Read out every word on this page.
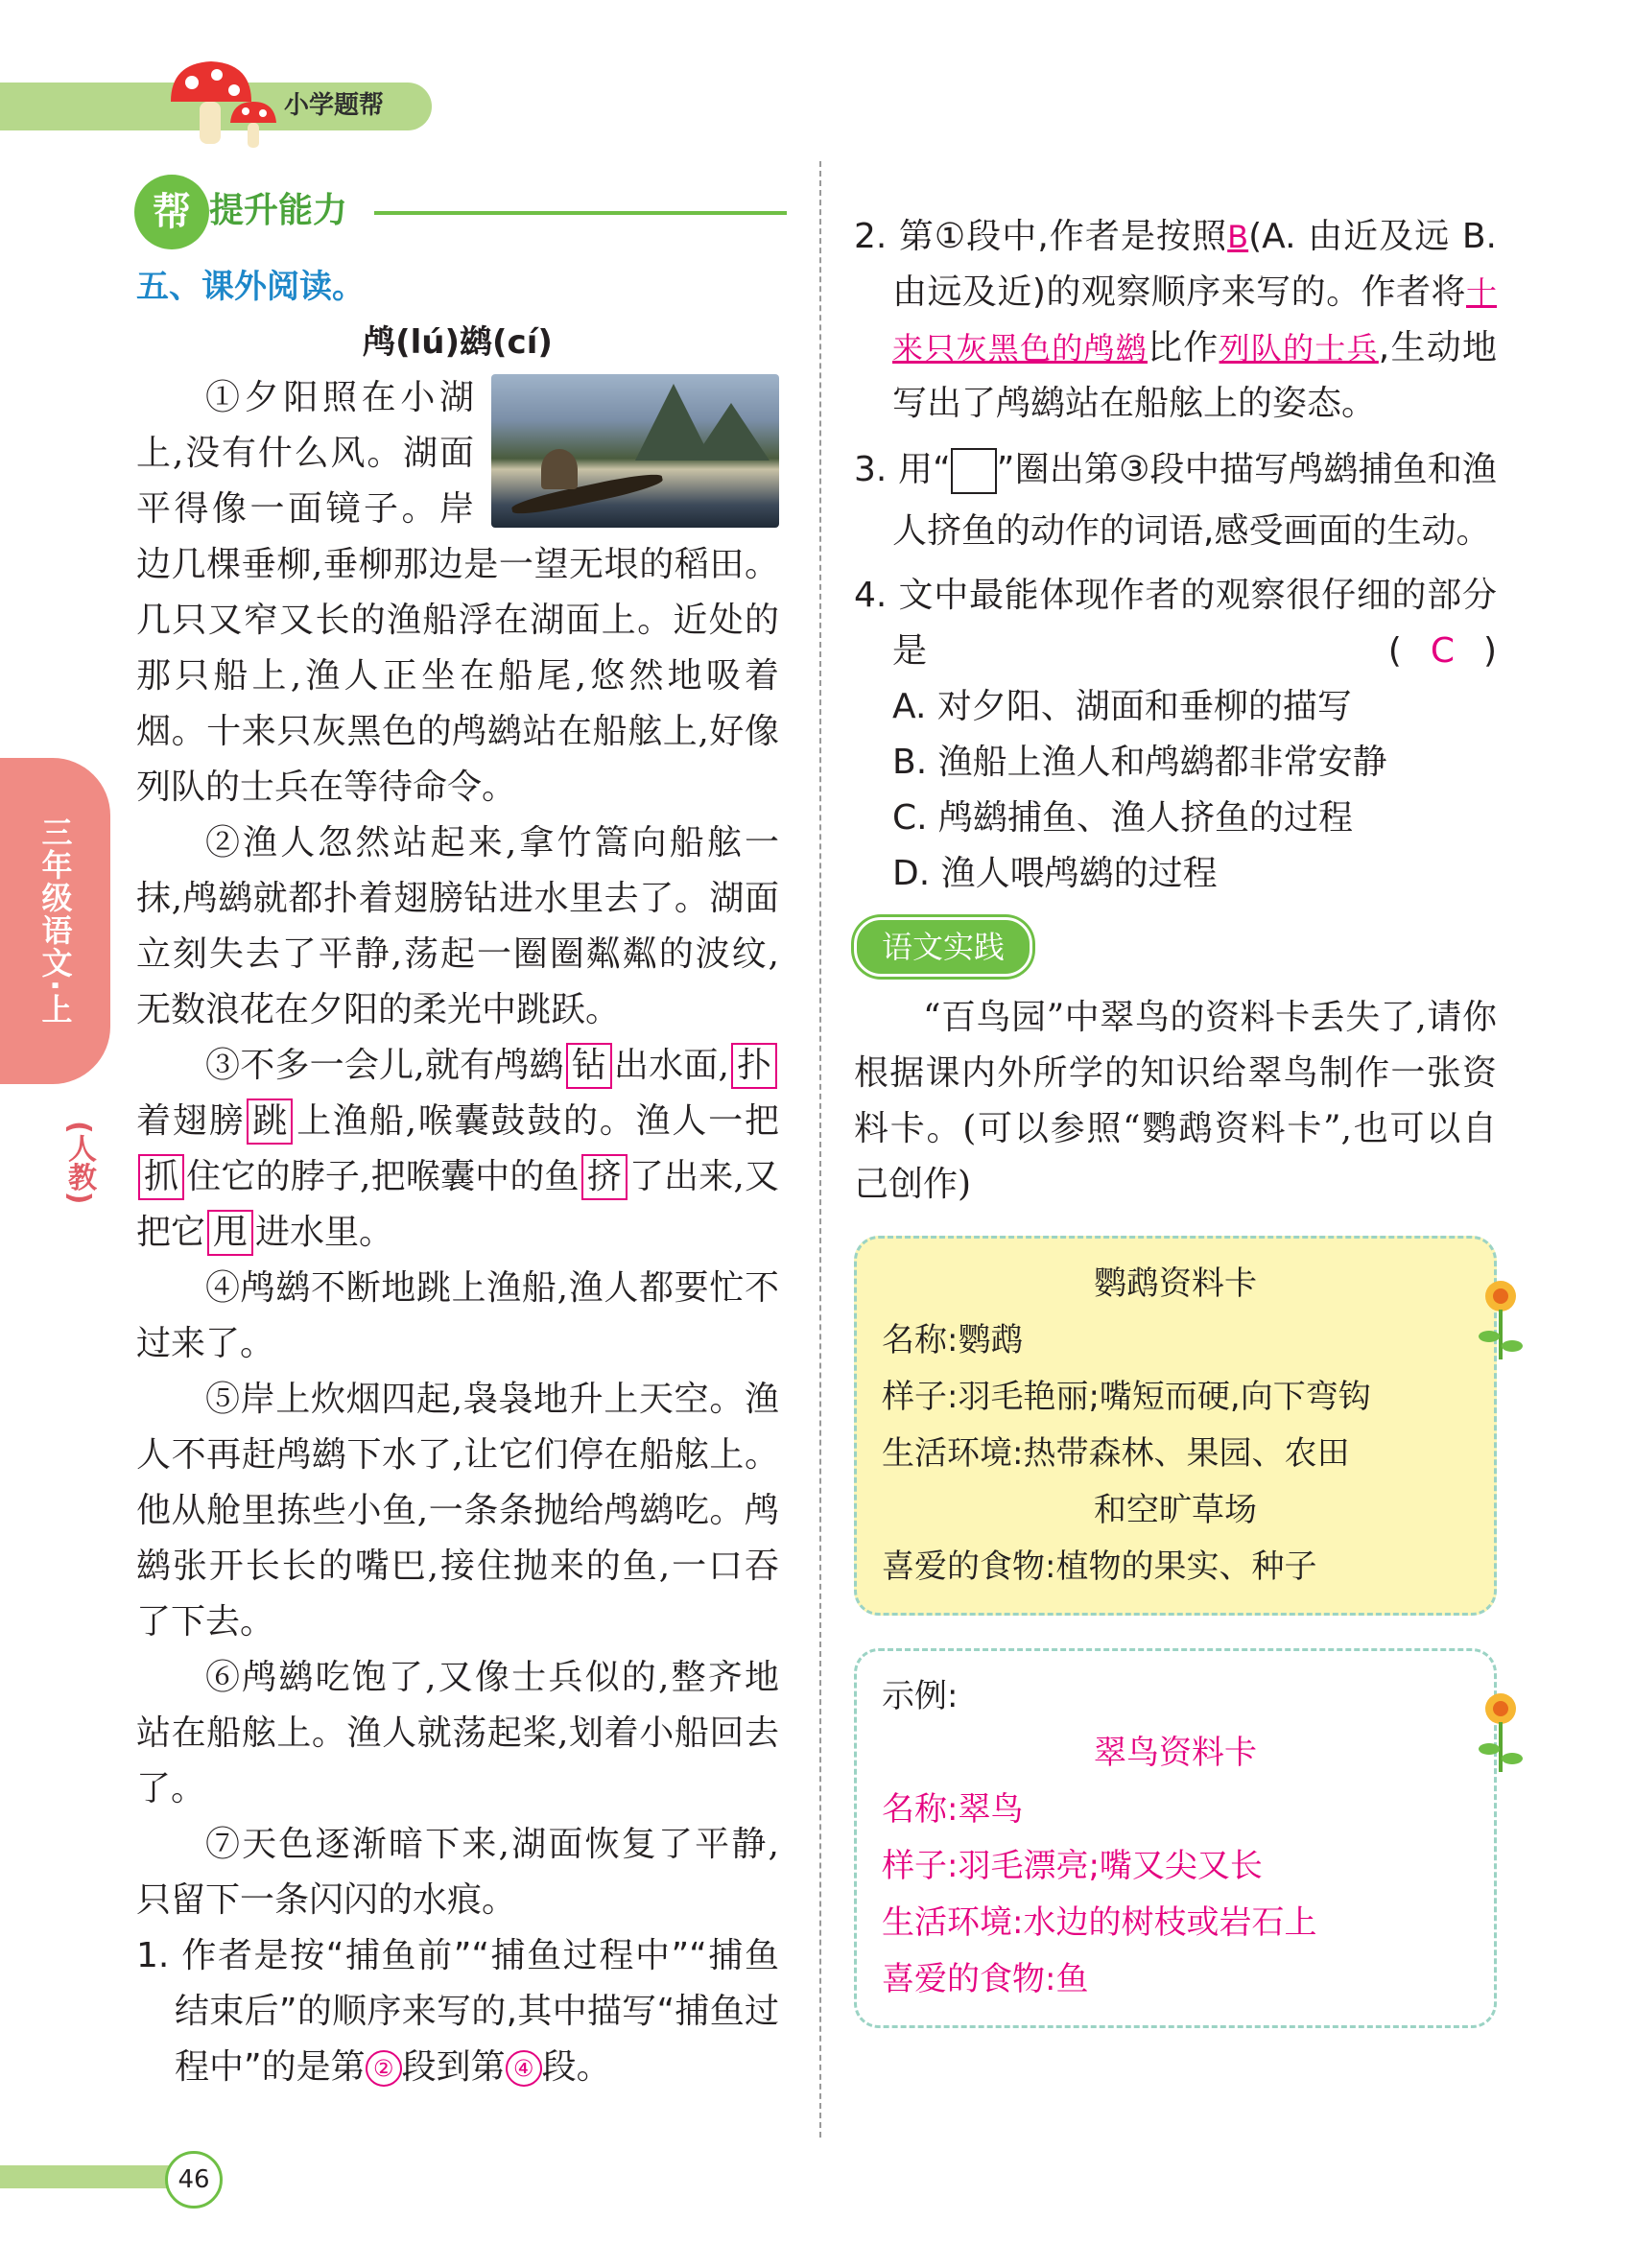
小学题帮
帮 提升能力

五、课外阅读。

鸬(lú)鹚(cí)

①夕阳照在小湖上,没有什么风。湖面平得像一面镜子。岸边几棵垂柳,垂柳那边是一望无垠的稻田。几只又窄又长的渔船浮在湖面上。近处的那只船上,渔人正坐在船尾,悠然地吸着烟。十来只灰黑色的鸬鹚站在船舷上,好像列队的士兵在等待命令。

②渔人忽然站起来,拿竹篙向船舷一抹,鸬鹚就都扑着翅膀钻进水里去了。湖面立刻失去了平静,荡起一圈圈粼粼的波纹,无数浪花在夕阳的柔光中跳跃。

③不多一会儿,就有鸬鹚 钻 出水面, 扑着翅膀 跳 上渔船,喉囊鼓鼓的。渔人一把抓 住它的脖子,把喉囊中的鱼 挤 了出来,又把它 甩 进水里。

④鸬鹚不断地跳上渔船,渔人都要忙不过来了。

⑤岸上炊烟四起,袅袅地升上天空。渔人不再赶鸬鹚下水了,让它们停在船舷上。他从舱里拣些小鱼,一条条抛给鸬鹚吃。鸬鹚张开长长的嘴巴,接住抛来的鱼,一口吞了下去。

⑥鸬鹚吃饱了,又像士兵似的,整齐地站在船舷上。渔人就荡起桨,划着小船回去了。

⑦天色逐渐暗下来,湖面恢复了平静,只留下一条闪闪的水痕。

1. 作者是按“捕鱼前”“捕鱼过程中”“捕鱼结束后”的顺序来写的,其中描写“捕鱼过程中”的是第 ② 段到第 ④ 段。

2. 第①段中,作者是按照B(A. 由近及远 B. 由远及近)的观察顺序来写的。作者将十来只灰黑色的鸬鹚比作列队的士兵,生动地写出了鸬鹚站在船舷上的姿态。

3. 用“ ”圈出第③段中描写鸬鹚捕鱼和渔人挤鱼的动作的词语,感受画面的生动。

4. 文中最能体现作者的观察很仔细的部分是	( C )

A. 对夕阳、湖面和垂柳的描写

B. 渔船上渔人和鸬鹚都非常安静

C. 鸬鹚捕鱼、渔人挤鱼的过程

D. 渔人喂鸬鹚的过程

语文实践

“百鸟园”中翠鸟的资料卡丢失了,请你根据课内外所学的知识给翠鸟制作一张资料卡。(可以参照“鹦鹉资料卡”,也可以自己创作)

鹦鹉资料卡
名称:鹦鹉
样子:羽毛艳丽;嘴短而硬,向下弯钩
生活环境:热带森林、果园、农田
和空旷草场
喜爱的食物:植物的果实、种子
示例:
翠鸟资料卡
名称:翠鸟
样子:羽毛漂亮;嘴又尖又长
生活环境:水边的树枝或岩石上
喜爱的食物:鱼
三年级语文·上
(人教)
46
